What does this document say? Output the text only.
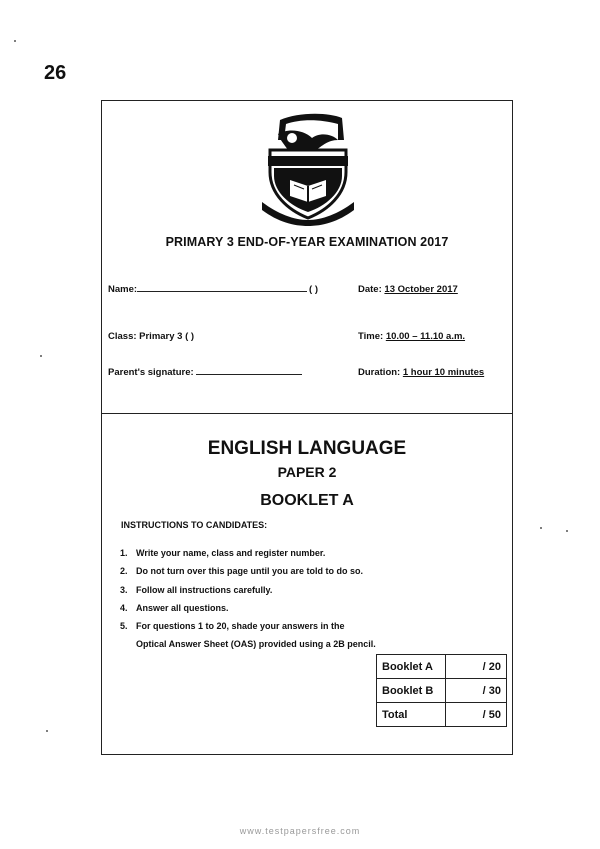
26
PRIMARY 3 END-OF-YEAR EXAMINATION 2017
Name:	( )	Date: 13 October 2017
Class: Primary 3 ( )	Time: 10.00 – 11.10 a.m.
Parent's signature:	Duration: 1 hour 10 minutes
ENGLISH LANGUAGE
PAPER 2
BOOKLET A
INSTRUCTIONS TO CANDIDATES:
1. Write your name, class and register number.
2. Do not turn over this page until you are told to do so.
3. Follow all instructions carefully.
4. Answer all questions.
5. For questions 1 to 20, shade your answers in the
Optical Answer Sheet (OAS) provided using a 2B pencil.
Booklet A	/ 20
Booklet B	/ 30
Total	/ 50
www.testpapersfree.com
